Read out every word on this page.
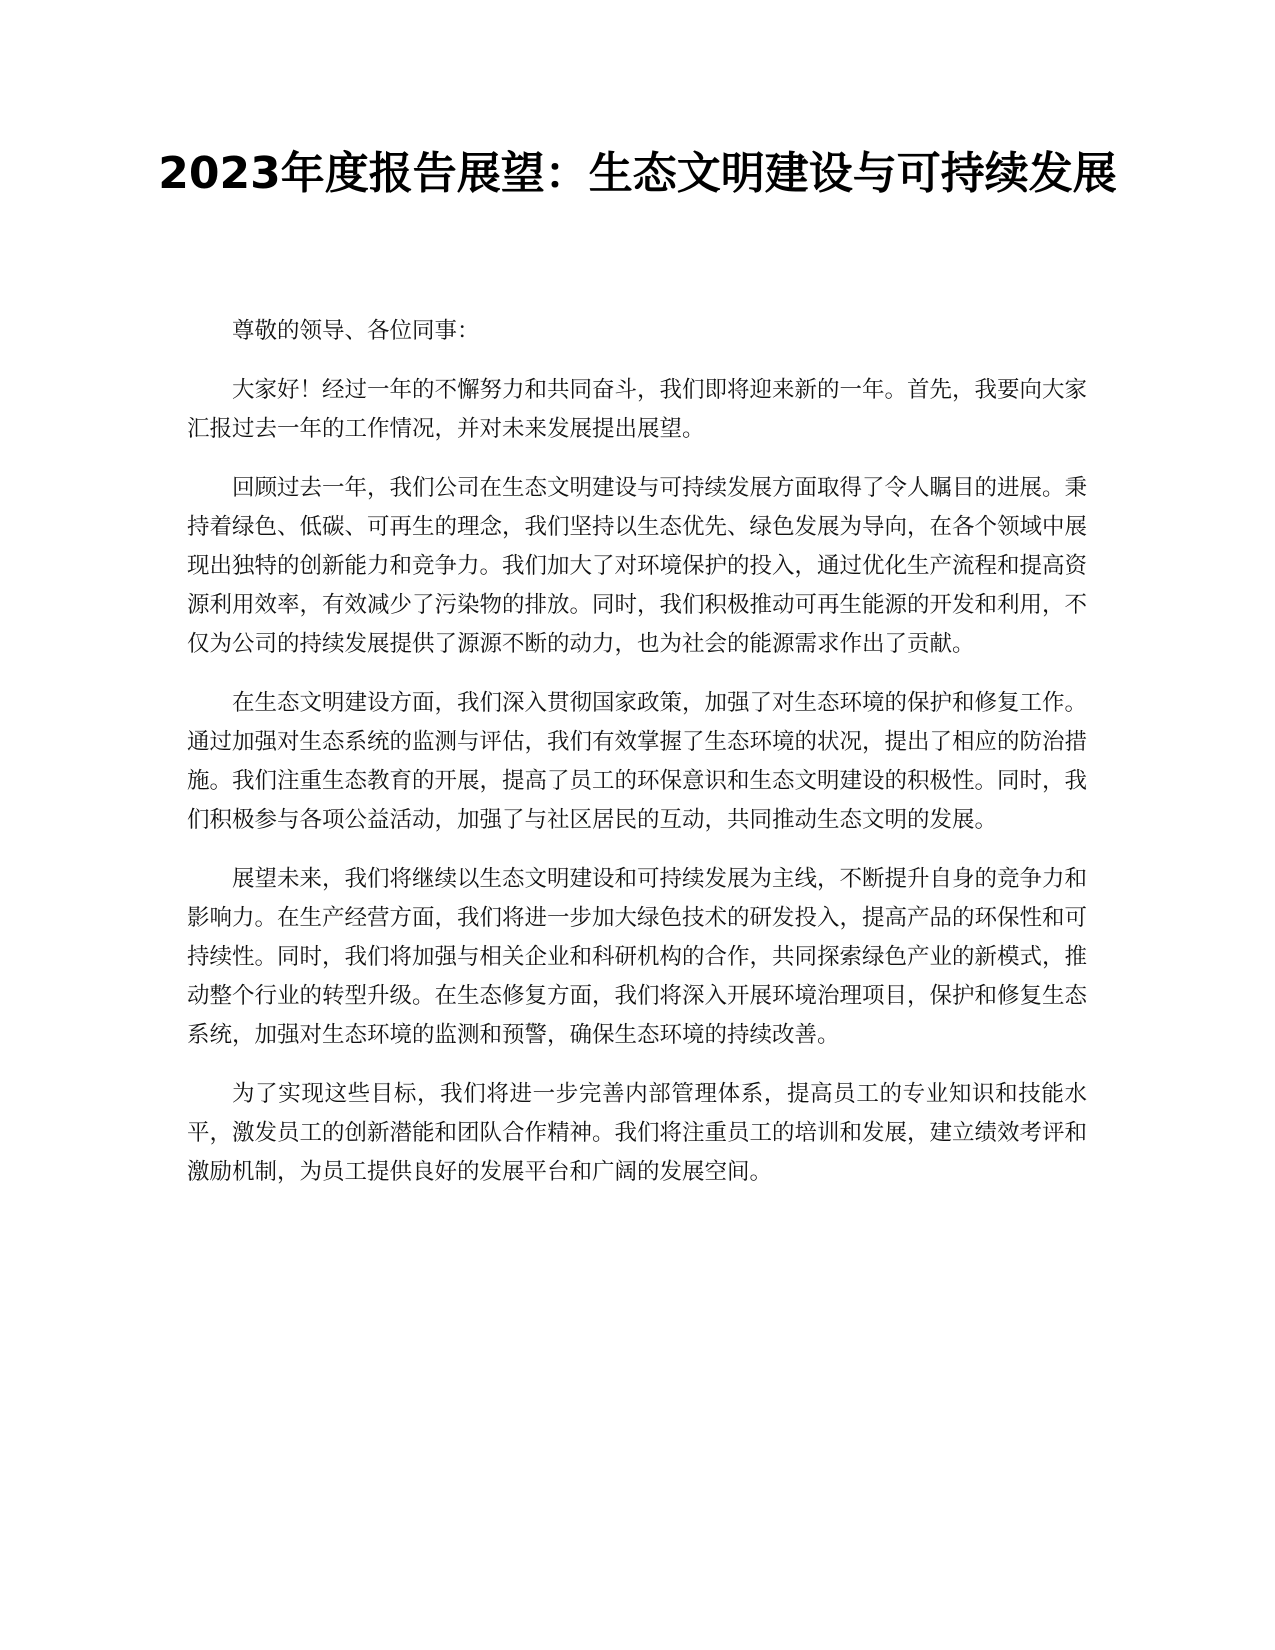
2023年度报告展望：生态文明建设与可持续发展

尊敬的领导、各位同事：

大家好！经过一年的不懈努力和共同奋斗，我们即将迎来新的一年。首先，我要向大家汇报过去一年的工作情况，并对未来发展提出展望。

回顾过去一年，我们公司在生态文明建设与可持续发展方面取得了令人瞩目的进展。秉持着绿色、低碳、可再生的理念，我们坚持以生态优先、绿色发展为导向，在各个领域中展现出独特的创新能力和竞争力。我们加大了对环境保护的投入，通过优化生产流程和提高资源利用效率，有效减少了污染物的排放。同时，我们积极推动可再生能源的开发和利用，不仅为公司的持续发展提供了源源不断的动力，也为社会的能源需求作出了贡献。

在生态文明建设方面，我们深入贯彻国家政策，加强了对生态环境的保护和修复工作。通过加强对生态系统的监测与评估，我们有效掌握了生态环境的状况，提出了相应的防治措施。我们注重生态教育的开展，提高了员工的环保意识和生态文明建设的积极性。同时，我们积极参与各项公益活动，加强了与社区居民的互动，共同推动生态文明的发展。

展望未来，我们将继续以生态文明建设和可持续发展为主线，不断提升自身的竞争力和影响力。在生产经营方面，我们将进一步加大绿色技术的研发投入，提高产品的环保性和可持续性。同时，我们将加强与相关企业和科研机构的合作，共同探索绿色产业的新模式，推动整个行业的转型升级。在生态修复方面，我们将深入开展环境治理项目，保护和修复生态系统，加强对生态环境的监测和预警，确保生态环境的持续改善。

为了实现这些目标，我们将进一步完善内部管理体系，提高员工的专业知识和技能水平，激发员工的创新潜能和团队合作精神。我们将注重员工的培训和发展，建立绩效考评和激励机制，为员工提供良好的发展平台和广阔的发展空间。
